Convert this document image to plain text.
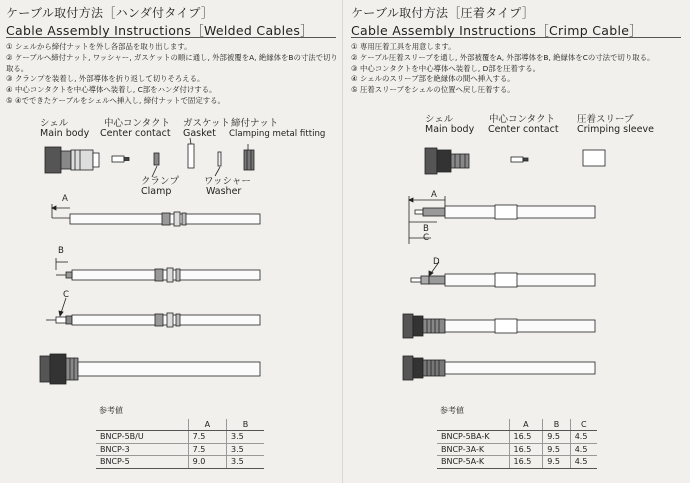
ケーブル取付方法［ハンダ付タイプ］
Cable Assembly Instructions［Welded Cables］
① シェルから締付ナットを外し各部品を取り出します。
② ケーブルへ締付ナット, ワッシャー, ガスケットの順に通し, 外部被覆をA, 絶縁体をBの寸法で切り取る。
③ クランプを装着し, 外部導体を折り返して切りそろえる。
④ 中心コンタクトを中心導体へ装着し, C部をハンダ付けする。
⑤ ④でできたケーブルをシェルへ挿入し, 締付ナットで固定する。
シェル
Main body
中心コンタクト
Center contact
ガスケット
Gasket
締付ナット
Clamping metal fitting
クランプ
Clamp
ワッシャー
Washer
A
B
C
参考値
	A	B
BNCP-5B/U	7.5	3.5
BNCP-3	7.5	3.5
BNCP-5	9.0	3.5
ケーブル取付方法［圧着タイプ］
Cable Assembly Instructions［Crimp Cable］
① 専用圧着工具を用意します。
② ケーブル圧着スリーブを通し, 外部被覆をA, 外部導体をB, 絶縁体をCの寸法で切り取る。
③ 中心コンタクトを中心導体へ装着し, D部を圧着する。
④ シェルのスリーブ部を絶縁体の間へ挿入する。
⑤ 圧着スリーブをシェルの位置へ戻し圧着する。
シェル
Main body
中心コンタクト
Center contact
圧着スリーブ
Crimping sleeve
A
B
C
D
参考値
	A	B	C
BNCP-5BA-K	16.5	9.5	4.5
BNCP-3A-K	16.5	9.5	4.5
BNCP-5A-K	16.5	9.5	4.5
